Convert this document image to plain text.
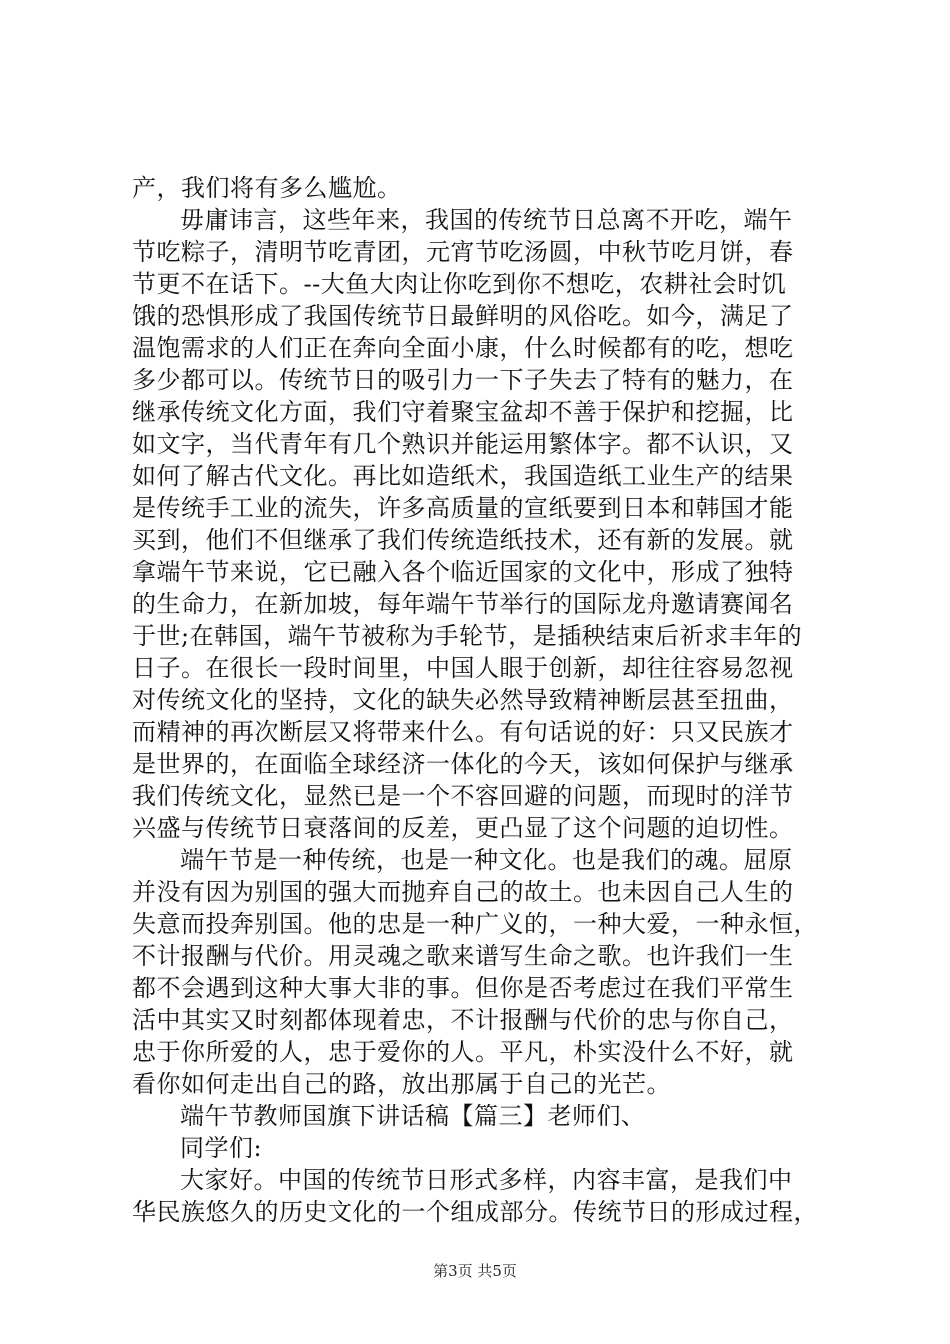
产，我们将有多么尴尬。
毋庸讳言，这些年来，我国的传统节日总离不开吃，端午
节吃粽子，清明节吃青团，元宵节吃汤圆，中秋节吃月饼，春
节更不在话下。--大鱼大肉让你吃到你不想吃，农耕社会时饥
饿的恐惧形成了我国传统节日最鲜明的风俗吃。如今，满足了
温饱需求的人们正在奔向全面小康，什么时候都有的吃，想吃
多少都可以。传统节日的吸引力一下子失去了特有的魅力，在
继承传统文化方面，我们守着聚宝盆却不善于保护和挖掘，比
如文字，当代青年有几个熟识并能运用繁体字。都不认识，又
如何了解古代文化。再比如造纸术，我国造纸工业生产的结果
是传统手工业的流失，许多高质量的宣纸要到日本和韩国才能
买到，他们不但继承了我们传统造纸技术，还有新的发展。就
拿端午节来说，它已融入各个临近国家的文化中，形成了独特
的生命力，在新加坡，每年端午节举行的国际龙舟邀请赛闻名
于世;在韩国，端午节被称为手轮节，是插秧结束后祈求丰年的
日子。在很长一段时间里，中国人眼于创新，却往往容易忽视
对传统文化的坚持，文化的缺失必然导致精神断层甚至扭曲，
而精神的再次断层又将带来什么。有句话说的好：只又民族才
是世界的，在面临全球经济一体化的今天，该如何保护与继承
我们传统文化，显然已是一个不容回避的问题，而现时的洋节
兴盛与传统节日衰落间的反差，更凸显了这个问题的迫切性。
端午节是一种传统，也是一种文化。也是我们的魂。屈原
并没有因为别国的强大而抛弃自己的故土。也未因自己人生的
失意而投奔别国。他的忠是一种广义的，一种大爱，一种永恒，
不计报酬与代价。用灵魂之歌来谱写生命之歌。也许我们一生
都不会遇到这种大事大非的事。但你是否考虑过在我们平常生
活中其实又时刻都体现着忠，不计报酬与代价的忠与你自己，
忠于你所爱的人，忠于爱你的人。平凡，朴实没什么不好，就
看你如何走出自己的路，放出那属于自己的光芒。
端午节教师国旗下讲话稿【篇三】老师们、
同学们:
大家好。中国的传统节日形式多样，内容丰富，是我们中
华民族悠久的历史文化的一个组成部分。传统节日的形成过程，
第3页 共5页
